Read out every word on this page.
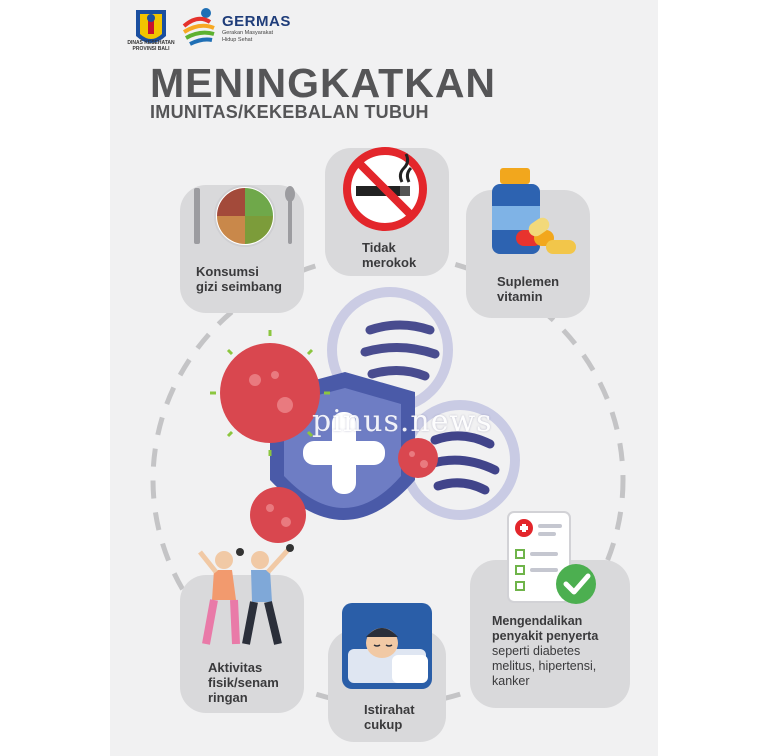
DINAS KESEHATAN
PROVINSI BALI
GERMAS
Gerakan Masyarakat Hidup Sehat
MENINGKATKAN
IMUNITAS/KEKEBALAN TUBUH
Konsumsi
gizi seimbang
Tidak
merokok
Suplemen
vitamin
Aktivitas
fisik/senam
ringan
Istirahat
cukup
Mengendalikan
penyakit penyerta
seperti diabetes
melitus, hipertensi,
kanker
pinus.news
